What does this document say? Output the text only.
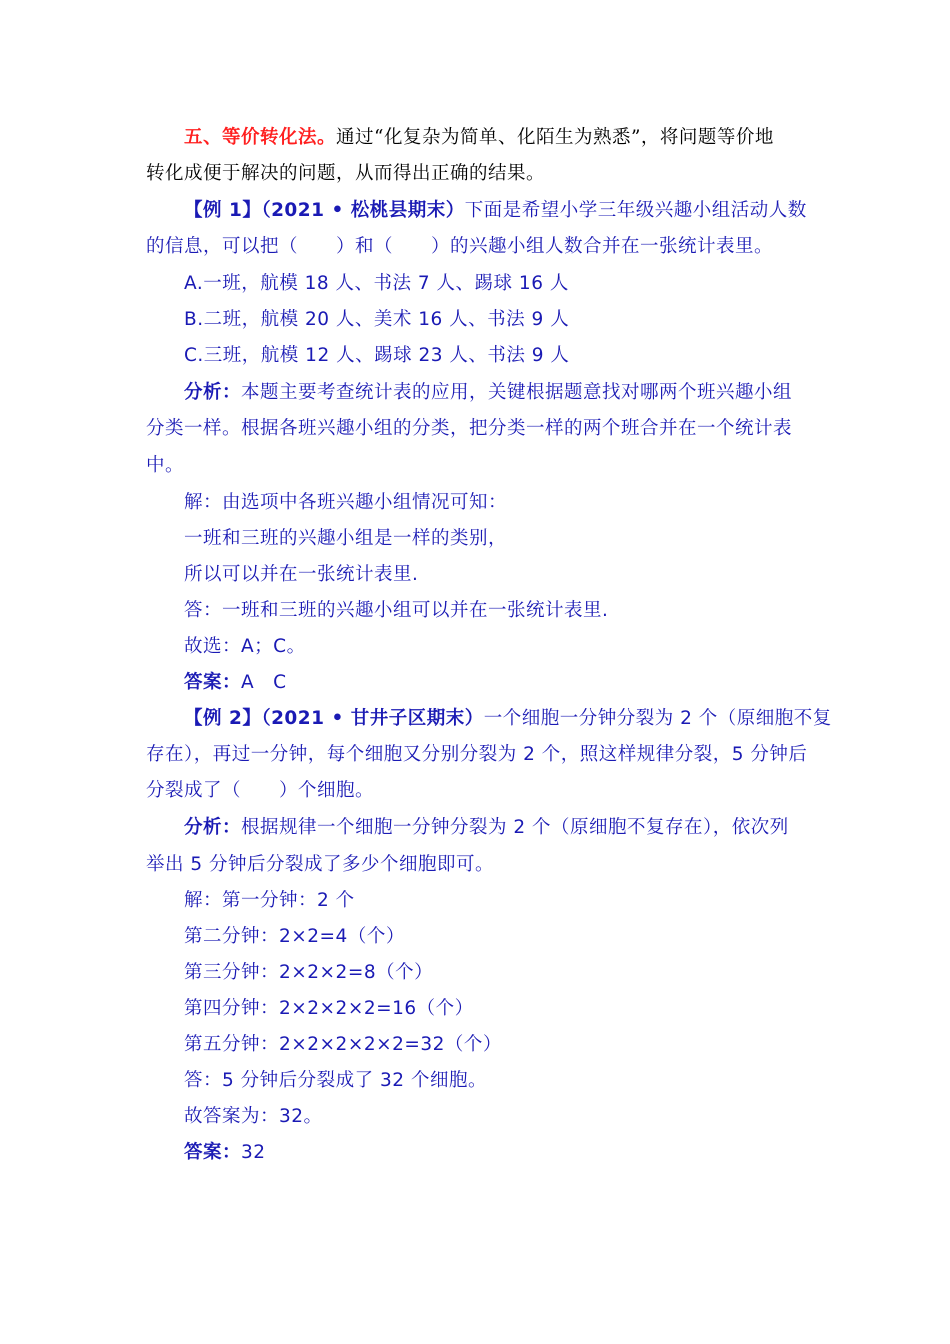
五、等价转化法。通过“化复杂为简单、化陌生为熟悉”，将问题等价地
转化成便于解决的问题，从而得出正确的结果。
【例 1】（2021 • 松桃县期末）下面是希望小学三年级兴趣小组活动人数
的信息，可以把（　　）和（　　）的兴趣小组人数合并在一张统计表里。
A.一班，航模 18 人、书法 7 人、踢球 16 人
B.二班，航模 20 人、美术 16 人、书法 9 人
C.三班，航模 12 人、踢球 23 人、书法 9 人
分析：本题主要考查统计表的应用，关键根据题意找对哪两个班兴趣小组
分类一样。根据各班兴趣小组的分类，把分类一样的两个班合并在一个统计表
中。
解：由选项中各班兴趣小组情况可知：
一班和三班的兴趣小组是一样的类别，
所以可以并在一张统计表里.
答：一班和三班的兴趣小组可以并在一张统计表里.
故选：A；C。
答案：A　C
【例 2】（2021 • 甘井子区期末）一个细胞一分钟分裂为 2 个（原细胞不复
存在），再过一分钟，每个细胞又分别分裂为 2 个，照这样规律分裂，5 分钟后
分裂成了（　　）个细胞。
分析：根据规律一个细胞一分钟分裂为 2 个（原细胞不复存在），依次列
举出 5 分钟后分裂成了多少个细胞即可。
解：第一分钟：2 个
第二分钟：2×2=4（个）
第三分钟：2×2×2=8（个）
第四分钟：2×2×2×2=16（个）
第五分钟：2×2×2×2×2=32（个）
答：5 分钟后分裂成了 32 个细胞。
故答案为：32。
答案：32
